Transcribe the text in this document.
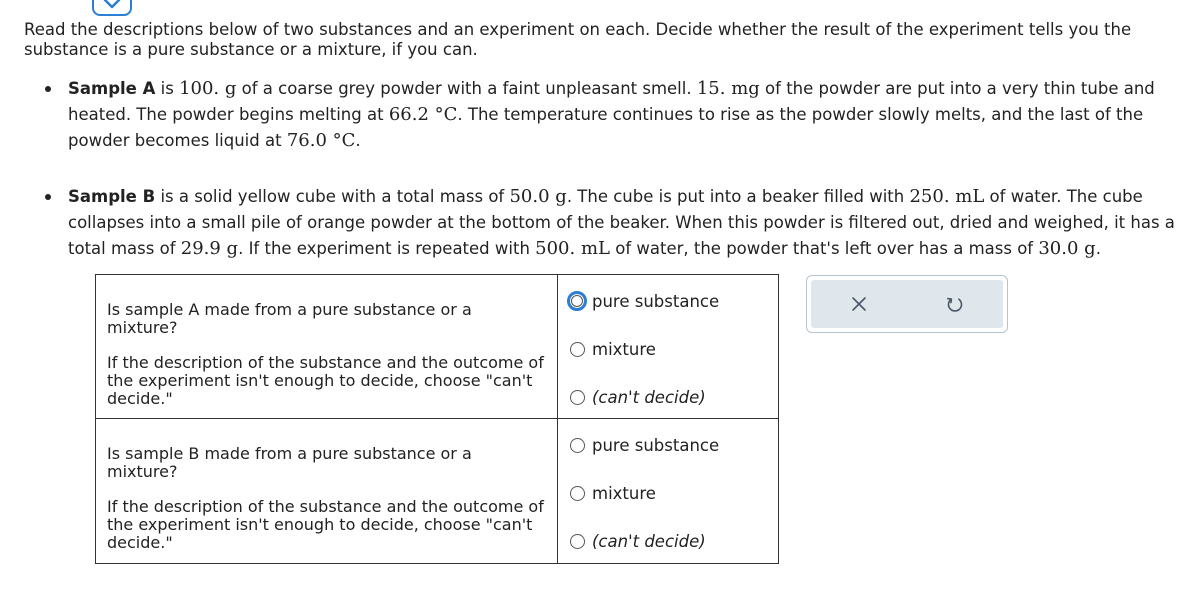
Read the descriptions below of two substances and an experiment on each. Decide whether the result of the experiment tells you the substance is a pure substance or a mixture, if you can.

Sample A is 100. g of a coarse grey powder with a faint unpleasant smell. 15. mg of the powder are put into a very thin tube and heated. The powder begins melting at 66.2 °C. The temperature continues to rise as the powder slowly melts, and the last of the powder becomes liquid at 76.0 °C.
Sample B is a solid yellow cube with a total mass of 50.0 g. The cube is put into a beaker filled with 250. mL of water. The cube collapses into a small pile of orange powder at the bottom of the beaker. When this powder is filtered out, dried and weighed, it has a total mass of 29.9 g. If the experiment is repeated with 500. mL of water, the powder that's left over has a mass of 30.0 g.

Is sample A made from a pure substance or a mixture?

If the description of the substance and the outcome of the experiment isn't enough to decide, choose "can't decide."

pure substance
mixture
(can't decide)

Is sample B made from a pure substance or a mixture?

If the description of the substance and the outcome of the experiment isn't enough to decide, choose "can't decide."

pure substance
mixture
(can't decide)
